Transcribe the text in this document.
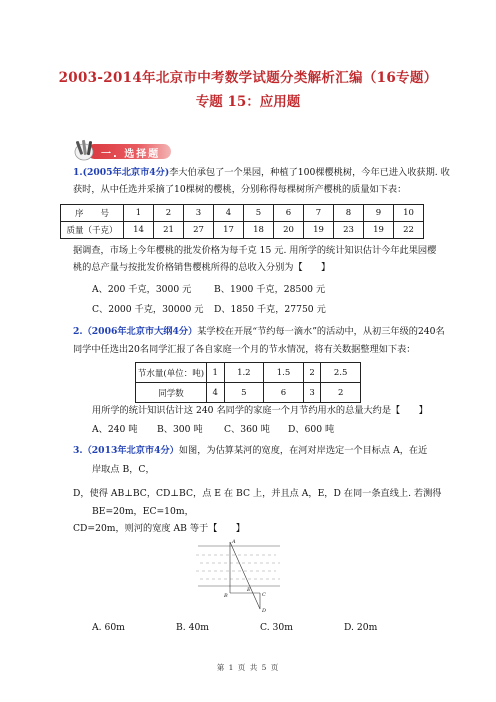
2003-2014年北京市中考数学试题分类解析汇编（16专题）
专题 15：应用题
一. 选择题
1.(2005年北京市4分)李大伯承包了一个果园，种植了100棵樱桃树，今年已进入收获期. 收
获时，从中任选并采摘了10棵树的樱桃，分别称得每棵树所产樱桃的质量如下表：
序　　号	1	2	3	4	5	6	7	8	9	10
质量（千克）	14	21	27	17	18	20	19	23	19	22
据调查，市场上今年樱桃的批发价格为每千克 15 元. 用所学的统计知识估计今年此果园樱
桃的总产量与按批发价格销售樱桃所得的总收入分别为【　　】
A、200 千克，3000 元 B、1900 千克，28500 元
C、2000 千克，30000 元 D、1850 千克，27750 元
2.（2006年北京市大纲4分）某学校在开展“节约每一滴水”的活动中，从初三年级的240名
同学中任选出20名同学汇报了各自家庭一个月的节水情况，将有关数据整理如下表：
节水量(单位：吨)	1	1.2	1.5	2	2.5
同学数	4	5	6	3	2
用所学的统计知识估计这 240 名同学的家庭一个月节约用水的总量大约是【　　】
A、240 吨 B、300 吨 C、360 吨 D、600 吨
3.（2013年北京市4分）如图，为估算某河的宽度，在河对岸选定一个目标点 A，在近
岸取点 B，C，
D，使得 AB⊥BC，CD⊥BC，点 E 在 BC 上，并且点 A，E，D 在同一条直线上. 若测得
BE=20m，EC=10m，
CD=20m，则河的宽度 AB 等于【　　】
A
B	C
D
E
A. 60m	B. 40m	C. 30m	D. 20m
第 1 页 共 5 页
